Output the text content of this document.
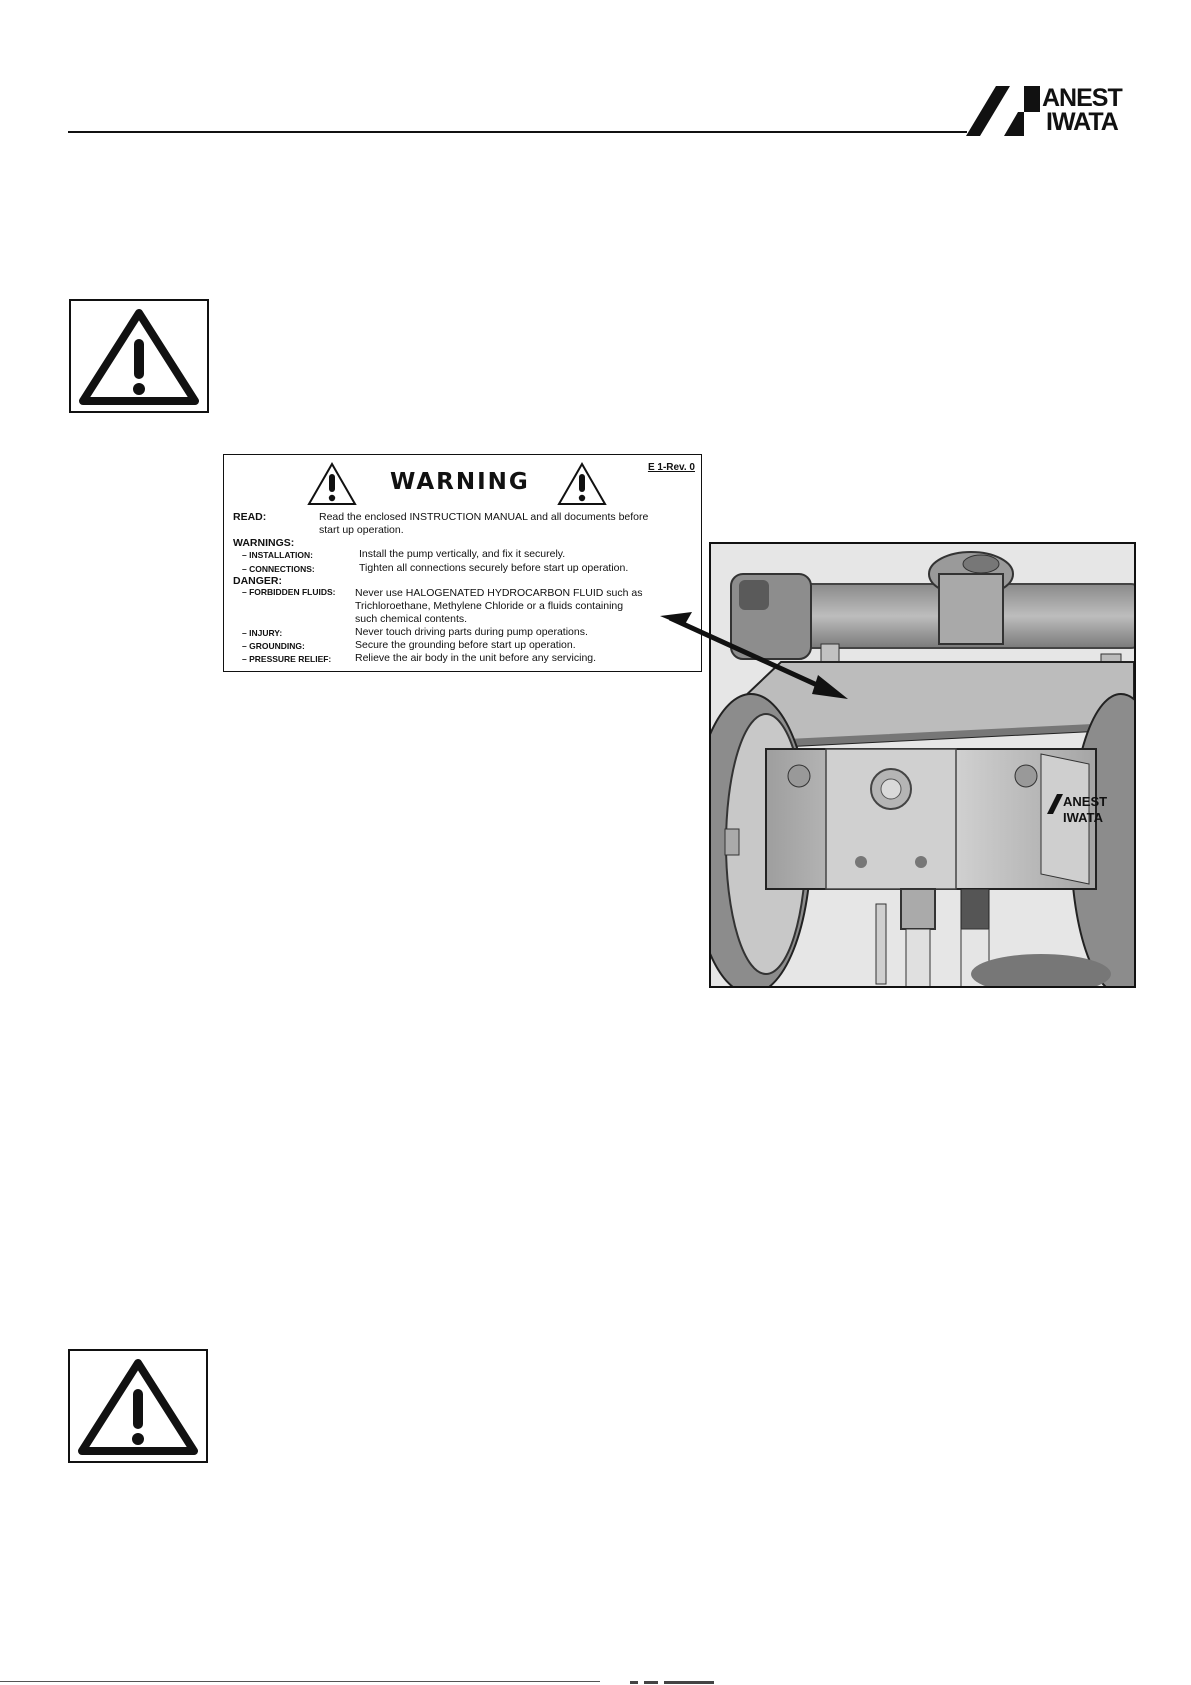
ANEST
IWATA
E 1-Rev. 0
WARNING
READ:	Read the enclosed INSTRUCTION MANUAL and all documents before
start up operation.
WARNINGS:
– INSTALLATION:	Install the pump vertically, and fix it securely.
– CONNECTIONS:	Tighten all connections securely before start up operation.
DANGER:
– FORBIDDEN FLUIDS: Never use HALOGENATED HYDROCARBON FLUID such as
Trichloroethane, Methylene Chloride or a fluids containing
such chemical contents.
– INJURY:	Never touch driving parts during pump operations.
– GROUNDING:	Secure the grounding before start up operation.
– PRESSURE RELIEF: Relieve the air body in the unit before any servicing.
ANEST
IWATA
